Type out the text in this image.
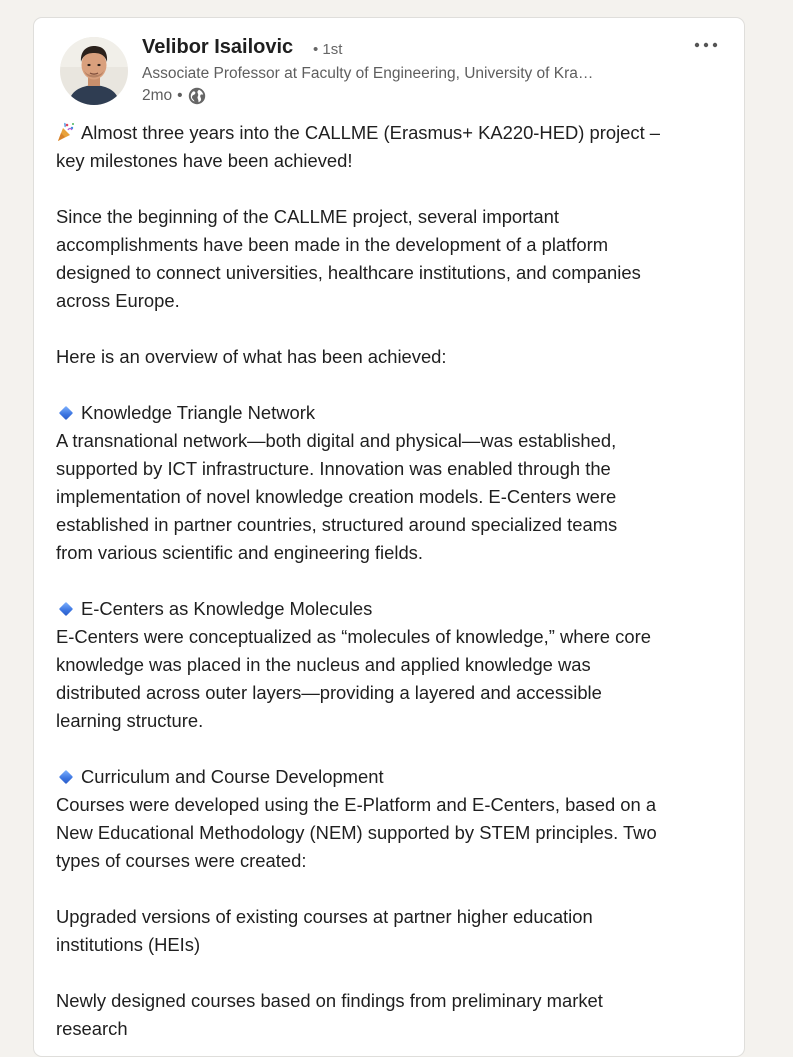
Velibor Isailovic • 1st
Associate Professor at Faculty of Engineering, University of Kra…
2mo •
Almost three years into the CALLME (Erasmus+ KA220-HED) project –
key milestones have been achieved!
Since the beginning of the CALLME project, several important
accomplishments have been made in the development of a platform
designed to connect universities, healthcare institutions, and companies
across Europe.
Here is an overview of what has been achieved:
Knowledge Triangle Network
A transnational network—both digital and physical—was established,
supported by ICT infrastructure. Innovation was enabled through the
implementation of novel knowledge creation models. E-Centers were
established in partner countries, structured around specialized teams
from various scientific and engineering fields.
E-Centers as Knowledge Molecules
E-Centers were conceptualized as “molecules of knowledge,” where core
knowledge was placed in the nucleus and applied knowledge was
distributed across outer layers—providing a layered and accessible
learning structure.
Curriculum and Course Development
Courses were developed using the E-Platform and E-Centers, based on a
New Educational Methodology (NEM) supported by STEM principles. Two
types of courses were created:
Upgraded versions of existing courses at partner higher education
institutions (HEIs)
Newly designed courses based on findings from preliminary market
research
